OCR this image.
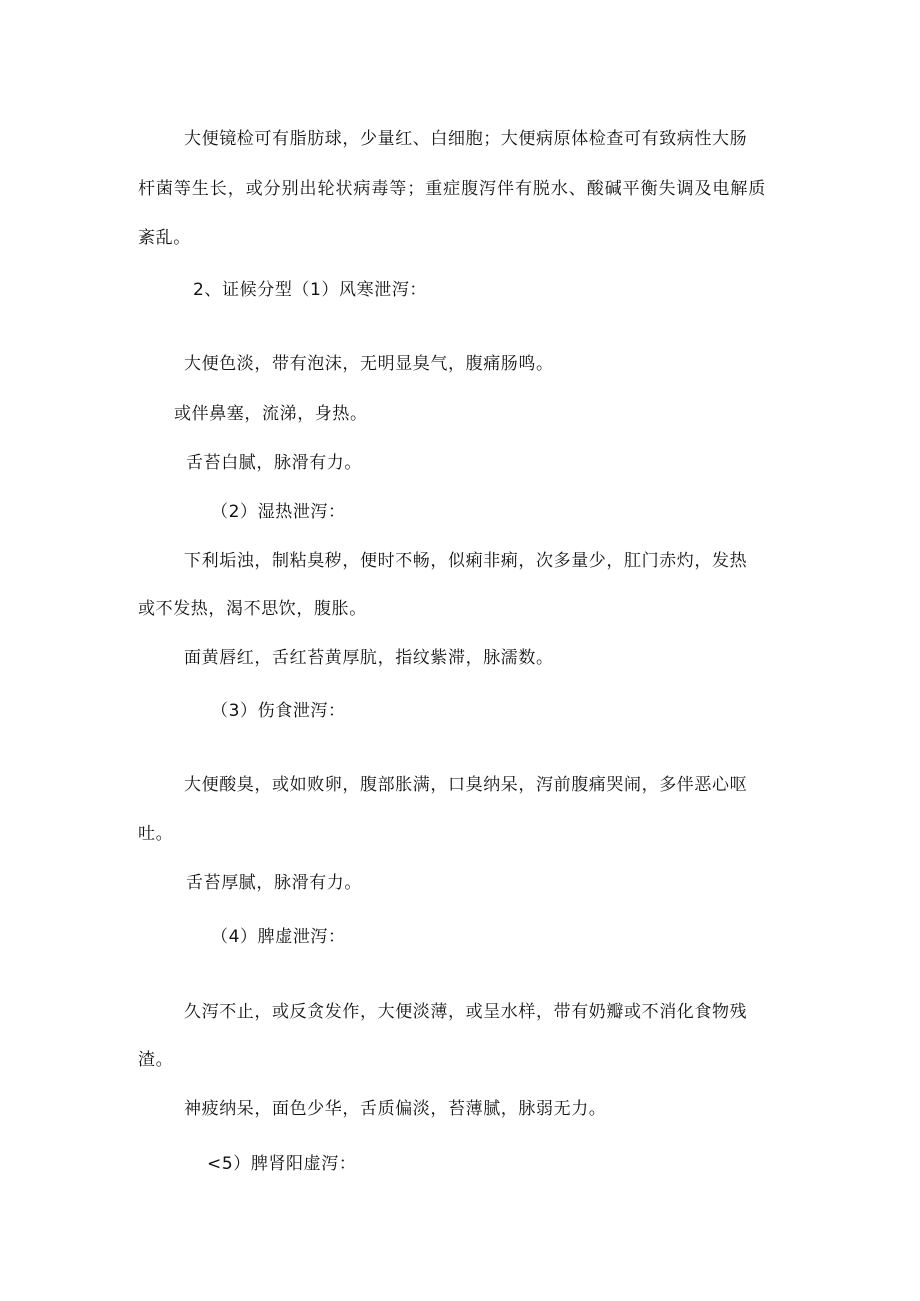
大便镜检可有脂肪球，少量红、白细胞；大便病原体检查可有致病性大肠
杆菌等生长，或分别出轮状病毒等；重症腹泻伴有脱水、酸碱平衡失调及电解质
紊乱。
2、证候分型（1）风寒泄泻：
大便色淡，带有泡沫，无明显臭气，腹痛肠鸣。
或伴鼻塞，流涕，身热。
舌苔白腻，脉滑有力。
（2）湿热泄泻：
下利垢浊，制粘臭秽，便时不畅，似痢非痢，次多量少，肛门赤灼，发热
或不发热，渴不思饮，腹胀。
面黄唇红，舌红苔黄厚肮，指纹紫滞，脉濡数。
（3）伤食泄泻：
大便酸臭，或如败卵，腹部胀满，口臭纳呆，泻前腹痛哭闹，多伴恶心呕
吐。
舌苔厚腻，脉滑有力。
（4）脾虚泄泻：
久泻不止，或反贪发作，大便淡薄，或呈水样，带有奶瓣或不消化食物残
渣。
神疲纳呆，面色少华，舌质偏淡，苔薄腻，脉弱无力。
<5）脾肾阳虚泻：
